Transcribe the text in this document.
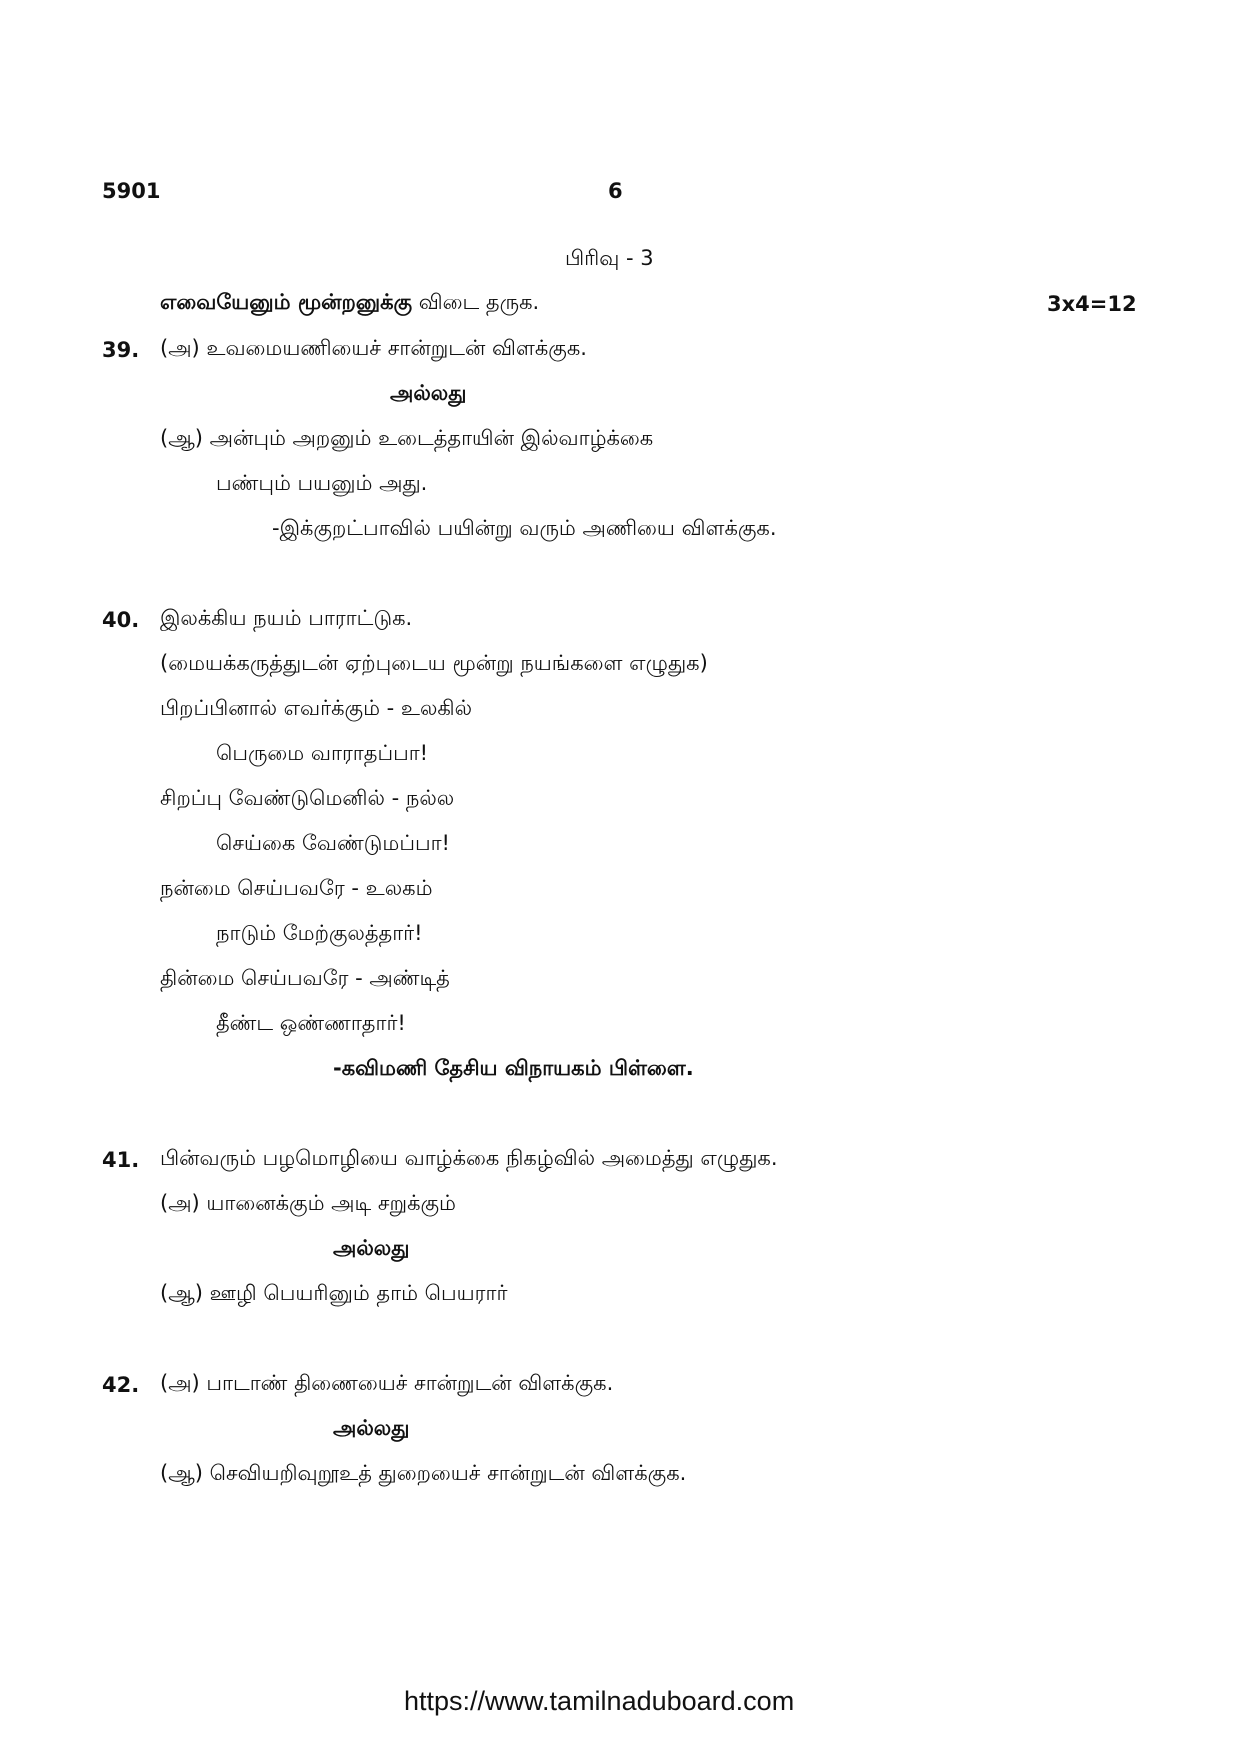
5901	6
பிரிவு - 3
எவையேனும் மூன்றனுக்கு விடை தருக.	3x4=12
39. (அ) உவமையணியைச் சான்றுடன் விளக்குக.
அல்லது
(ஆ) அன்பும் அறனும் உடைத்தாயின் இல்வாழ்க்கை
பண்பும் பயனும் அது.
-இக்குறட்பாவில் பயின்று வரும் அணியை விளக்குக.
40. இலக்கிய நயம் பாராட்டுக.
(மையக்கருத்துடன் ஏற்புடைய மூன்று நயங்களை எழுதுக)
பிறப்பினால் எவர்க்கும் - உலகில்
பெருமை வாராதப்பா!
சிறப்பு வேண்டுமெனில் - நல்ல
செய்கை வேண்டுமப்பா!
நன்மை செய்பவரே - உலகம்
நாடும் மேற்குலத்தார்!
தின்மை செய்பவரே - அண்டித்
தீண்ட ஒண்ணாதார்!
-கவிமணி தேசிய விநாயகம் பிள்ளை.
41. பின்வரும் பழமொழியை வாழ்க்கை நிகழ்வில் அமைத்து எழுதுக.
(அ) யானைக்கும் அடி சறுக்கும்
அல்லது
(ஆ) ஊழி பெயரினும் தாம் பெயரார்
42. (அ) பாடாண் திணையைச் சான்றுடன் விளக்குக.
அல்லது
(ஆ) செவியறிவுறூஉத் துறையைச் சான்றுடன் விளக்குக.
https://www.tamilnaduboard.com
